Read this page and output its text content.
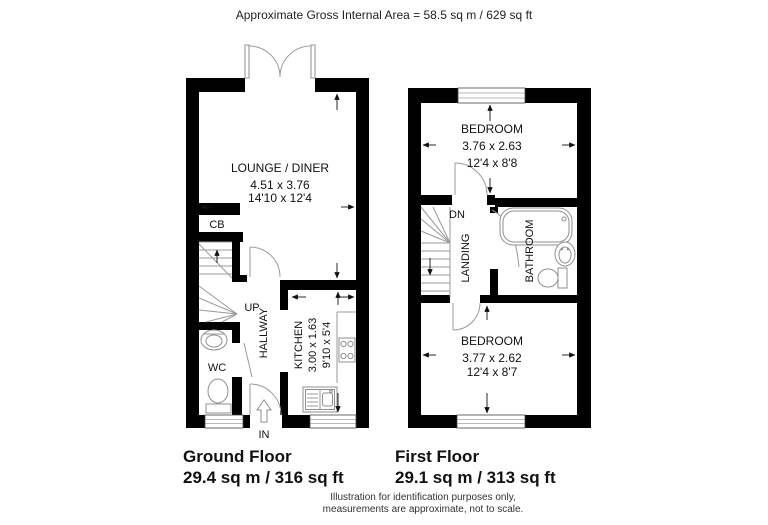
Approximate Gross Internal Area = 58.5 sq m / 629 sq ft
LOUNGE / DINER
4.51 x 3.76
14'10 x 12'4
CB
UP
HALLWAY
WC	KITCHEN 3.00 x 1.63 9'10 x 5'4
IN
BEDROOM
3.76 x 2.63
12'4 x 8'8
DN
LANDING	BATHROOM
BEDROOM
3.77 x 2.62
12'4 x 8'7
Ground Floor
29.4 sq m / 316 sq ft
First Floor
29.1 sq m / 313 sq ft
Illustration for identification purposes only,
measurements are approximate, not to scale.
